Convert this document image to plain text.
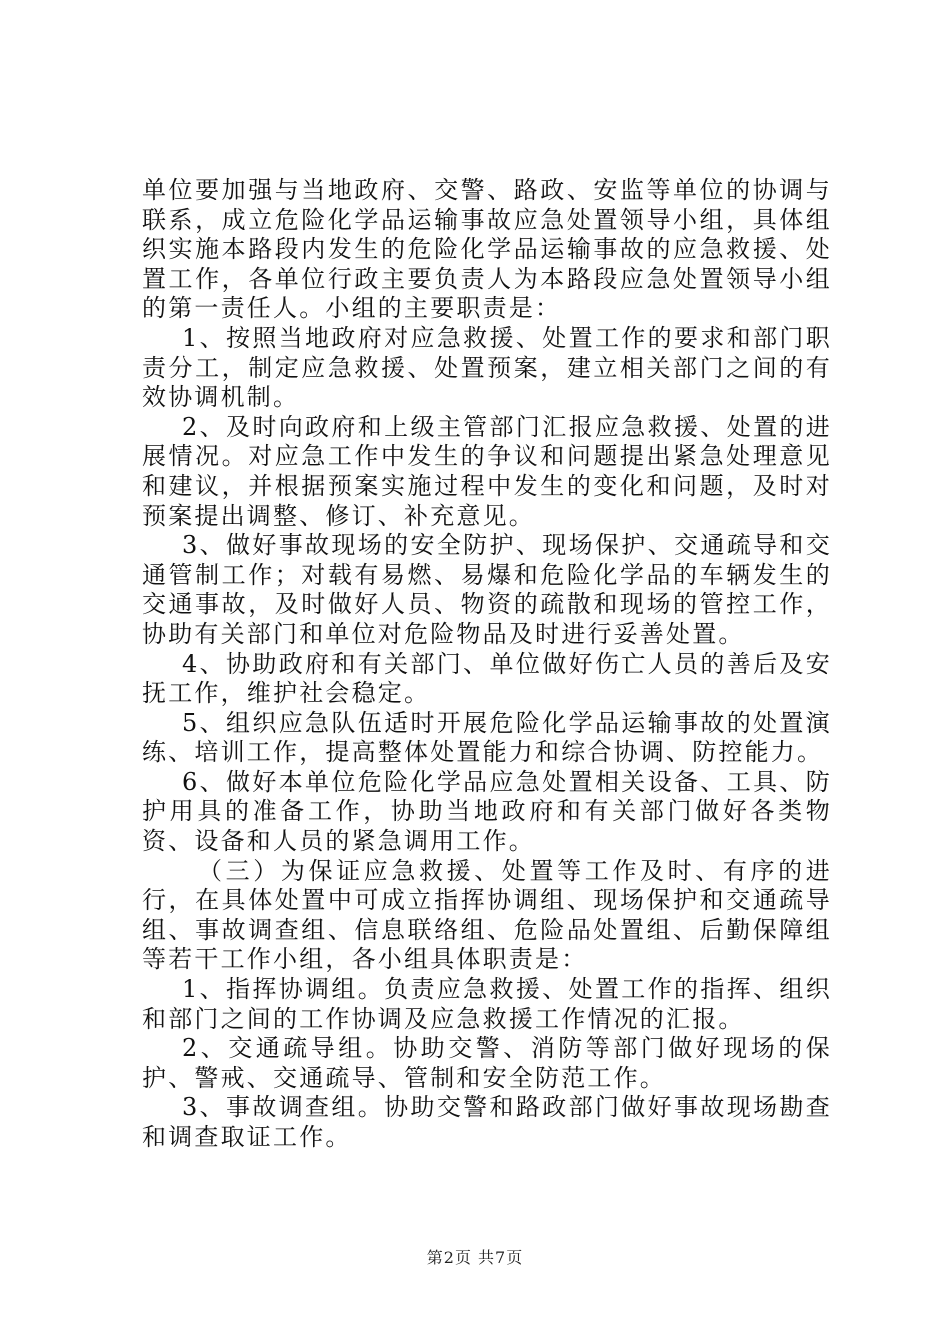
单位要加强与当地政府、交警、路政、安监等单位的协调与联系，成立危险化学品运输事故应急处置领导小组，具体组织实施本路段内发生的危险化学品运输事故的应急救援、处置工作，各单位行政主要负责人为本路段应急处置领导小组的第一责任人。小组的主要职责是：

1、按照当地政府对应急救援、处置工作的要求和部门职责分工，制定应急救援、处置预案，建立相关部门之间的有效协调机制。

2、及时向政府和上级主管部门汇报应急救援、处置的进展情况。对应急工作中发生的争议和问题提出紧急处理意见和建议，并根据预案实施过程中发生的变化和问题，及时对预案提出调整、修订、补充意见。

3、做好事故现场的安全防护、现场保护、交通疏导和交通管制工作；对载有易燃、易爆和危险化学品的车辆发生的交通事故，及时做好人员、物资的疏散和现场的管控工作，协助有关部门和单位对危险物品及时进行妥善处置。

4、协助政府和有关部门、单位做好伤亡人员的善后及安抚工作，维护社会稳定。

5、组织应急队伍适时开展危险化学品运输事故的处置演练、培训工作，提高整体处置能力和综合协调、防控能力。

6、做好本单位危险化学品应急处置相关设备、工具、防护用具的准备工作，协助当地政府和有关部门做好各类物资、设备和人员的紧急调用工作。

（三）为保证应急救援、处置等工作及时、有序的进行，在具体处置中可成立指挥协调组、现场保护和交通疏导组、事故调查组、信息联络组、危险品处置组、后勤保障组等若干工作小组，各小组具体职责是：

1、指挥协调组。负责应急救援、处置工作的指挥、组织和部门之间的工作协调及应急救援工作情况的汇报。

2、交通疏导组。协助交警、消防等部门做好现场的保护、警戒、交通疏导、管制和安全防范工作。

3、事故调查组。协助交警和路政部门做好事故现场勘查和调查取证工作。

第2页 共7页
